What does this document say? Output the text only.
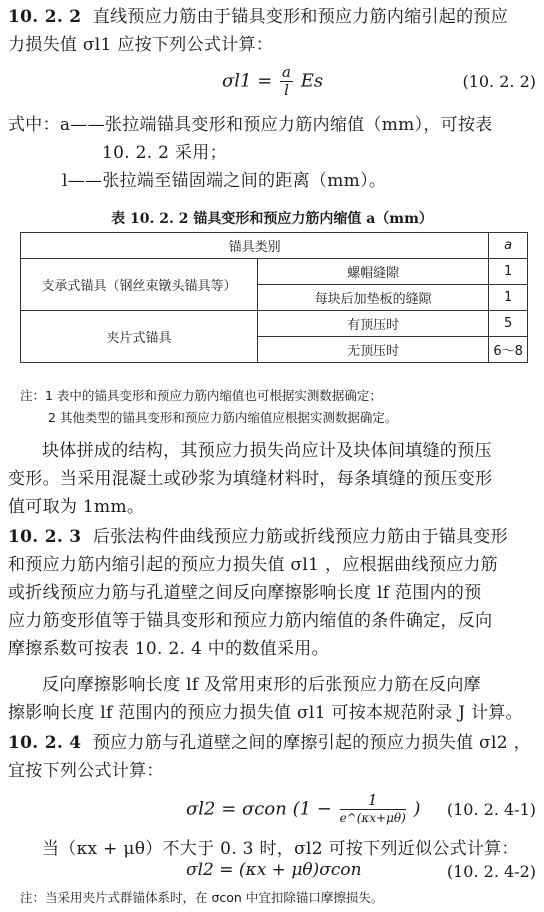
10. 2. 2 直线预应力筋由于锚具变形和预应力筋内缩引起的预应
力损失值 σl1 应按下列公式计算：
$\sigma l1 = \frac{a}{l}$ Es	(10. 2. 2)
式中：a——张拉端锚具变形和预应力筋内缩值（mm），可按表
10. 2. 2 采用；
l——张拉端至锚固端之间的距离（mm）。
表 10. 2. 2 锚具变形和预应力筋内缩值 a（mm）
锚具类别		a
支承式锚具（钢丝束镦头锚具等）	螺帽缝隙	1
	每块后加垫板的缝隙	1
夹片式锚具	有顶压时	5
	无顶压时	6～8
注：1 表中的锚具变形和预应力筋内缩值也可根据实测数据确定；
2 其他类型的锚具变形和预应力筋内缩值应根据实测数据确定。
块体拼成的结构，其预应力损失尚应计及块体间填缝的预压
变形。当采用混凝土或砂浆为填缝材料时，每条填缝的预压变形
值可取为 1mm。
10. 2. 3 后张法构件曲线预应力筋或折线预应力筋由于锚具变形
和预应力筋内缩引起的预应力损失值 σl1 ，应根据曲线预应力筋
或折线预应力筋与孔道壁之间反向摩擦影响长度 lf 范围内的预
应力筋变形值等于锚具变形和预应力筋内缩值的条件确定，反向
摩擦系数可按表 10. 2. 4 中的数值采用。
反向摩擦影响长度 lf 及常用束形的后张预应力筋在反向摩
擦影响长度 lf 范围内的预应力损失值 σl1 可按本规范附录 J 计算。
10. 2. 4 预应力筋与孔道壁之间的摩擦引起的预应力损失值 σl2 ，
宜按下列公式计算：
σl2 = σcon ($1 - \frac{1}{e\^{}(\kappa x+\mu\theta)}$ ) (10. 2. 4-1)
当（κx + μθ）不大于 0. 3 时，σl2 可按下列近似公式计算：
σl2 = (κx + μθ)σcon	(10. 2. 4-2)
注：当采用夹片式群锚体系时，在 σcon 中宜扣除锚口摩擦损失。
